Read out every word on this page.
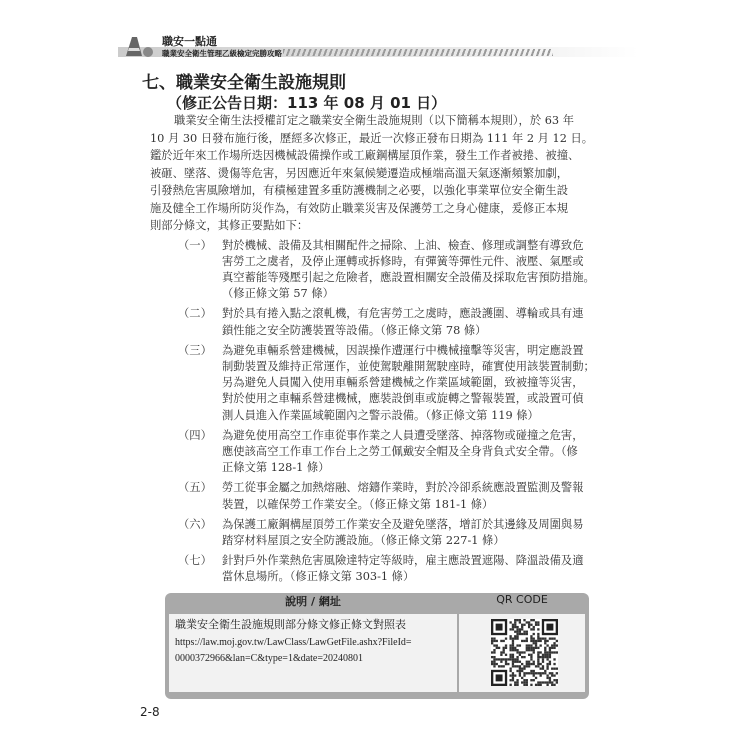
職安一點通
職業安全衛生管理乙級檢定完勝攻略
七、職業安全衛生設施規則
（修正公告日期：113 年 08 月 01 日）
職業安全衛生法授權訂定之職業安全衛生設施規則（以下簡稱本規則），於 63 年
10 月 30 日發布施行後，歷經多次修正，最近一次修正發布日期為 111 年 2 月 12 日。
鑑於近年來工作場所迭因機械設備操作或工廠鋼構屋頂作業，發生工作者被捲、被撞、
被砸、墜落、燙傷等危害，另因應近年來氣候變遷造成極端高溫天氣逐漸頻繁加劇，
引發熱危害風險增加，有積極建置多重防護機制之必要，以強化事業單位安全衛生設
施及健全工作場所防災作為，有效防止職業災害及保護勞工之身心健康，爰修正本規
則部分條文，其修正要點如下：
（一） 對於機械、設備及其相關配件之掃除、上油、檢查、修理或調整有導致危
害勞工之虞者，及停止運轉或拆修時，有彈簧等彈性元件、液壓、氣壓或
真空蓄能等殘壓引起之危險者，應設置相關安全設備及採取危害預防措施。
（修正條文第 57 條）
（二） 對於具有捲入點之滾軋機，有危害勞工之虞時，應設護圍、導輪或具有連
鎖性能之安全防護裝置等設備。（修正條文第 78 條）
（三） 為避免車輛系營建機械，因誤操作遭運行中機械撞擊等災害，明定應設置
制動裝置及維持正常運作，並使駕駛離開駕駛座時，確實使用該裝置制動；
另為避免人員闖入使用車輛系營建機械之作業區域範圍，致被撞等災害，
對於使用之車輛系營建機械，應裝設倒車或旋轉之警報裝置，或設置可偵
測人員進入作業區域範圍內之警示設備。（修正條文第 119 條）
（四） 為避免使用高空工作車從事作業之人員遭受墜落、掉落物或碰撞之危害，
應使該高空工作車工作台上之勞工佩戴安全帽及全身背負式安全帶。（修
正條文第 128-1 條）
（五） 勞工從事金屬之加熱熔融、熔鑄作業時，對於冷卻系統應設置監測及警報
裝置，以確保勞工作業安全。（修正條文第 181-1 條）
（六） 為保護工廠鋼構屋頂勞工作業安全及避免墜落，增訂於其邊緣及周圍與易
踏穿材料屋頂之安全防護設施。（修正條文第 227-1 條）
（七） 針對戶外作業熱危害風險達特定等級時，雇主應設置遮陽、降溫設備及適
當休息場所。（修正條文第 303-1 條）
說明 / 網址	QR CODE
職業安全衛生設施規則部分條文修正條文對照表
https://law.moj.gov.tw/LawClass/LawGetFile.ashx?FileId=
0000372966&lan=C&type=1&date=20240801
2-8
